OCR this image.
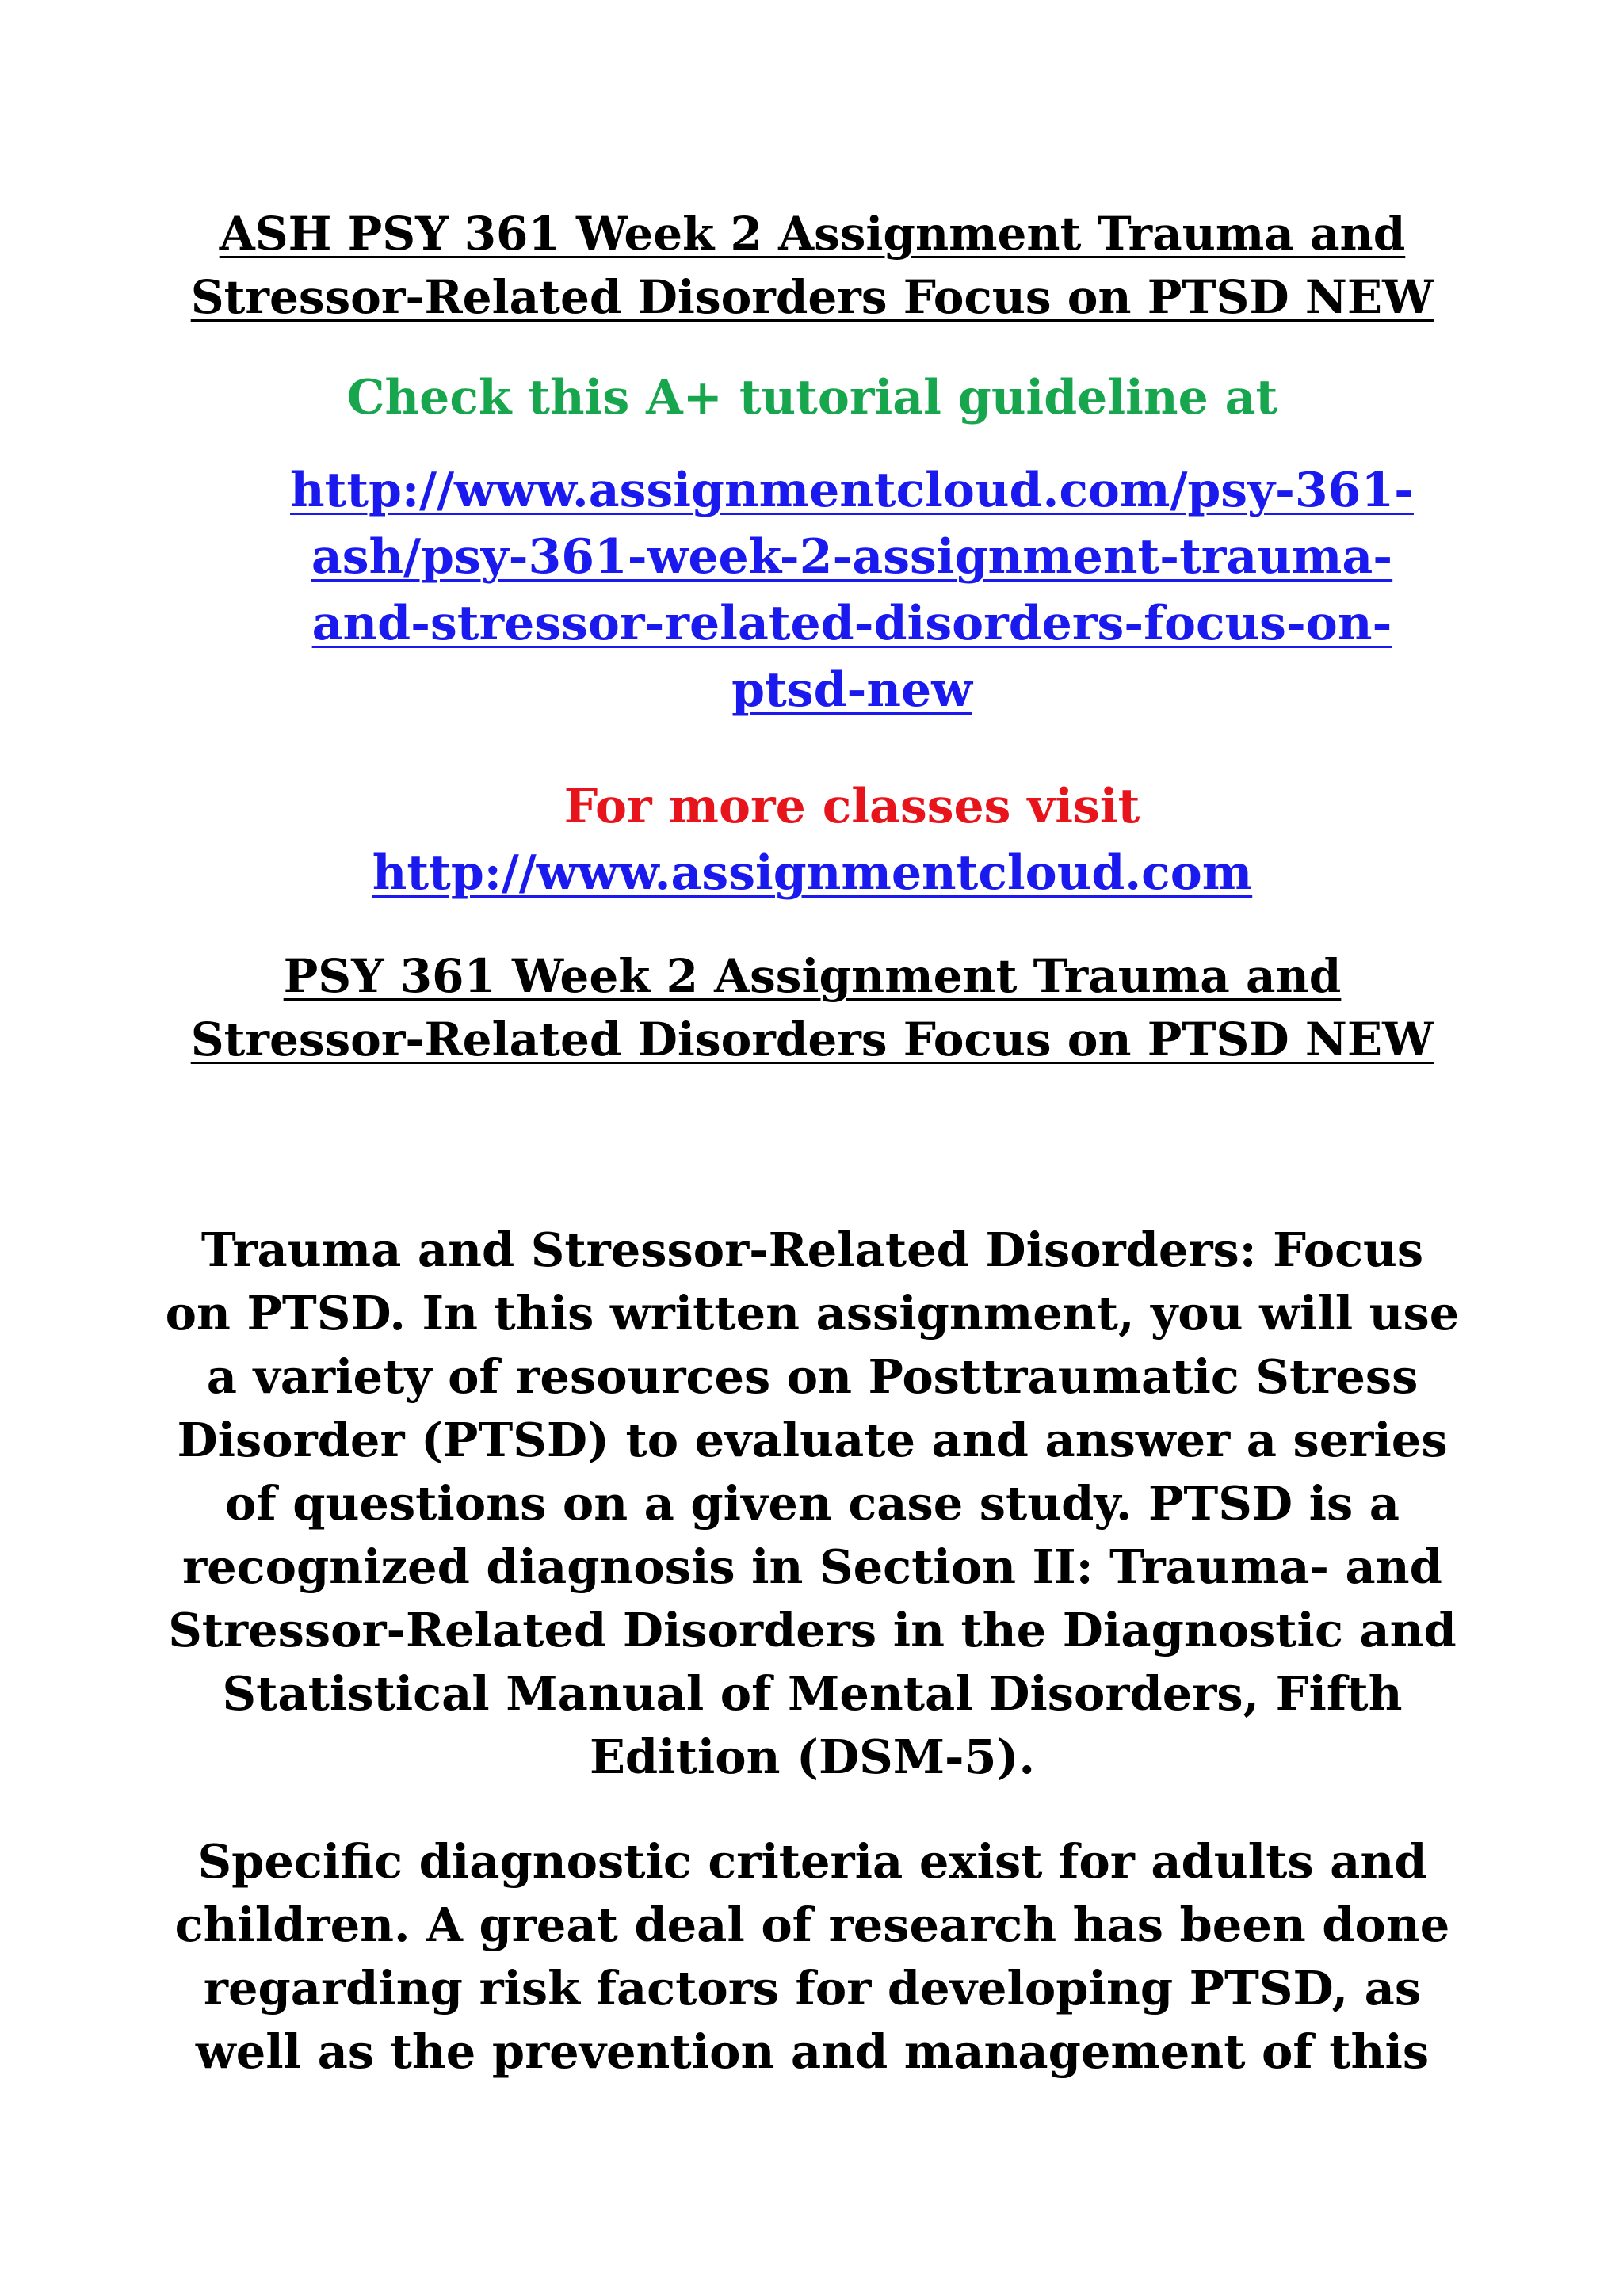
ASH PSY 361 Week 2 Assignment Trauma and
Stressor-Related Disorders Focus on PTSD NEW
Check this A+ tutorial guideline at
http://www.assignmentcloud.com/psy-361-
ash/psy-361-week-2-assignment-trauma-
and-stressor-related-disorders-focus-on-
ptsd-new
For more classes visit
http://www.assignmentcloud.com
PSY 361 Week 2 Assignment Trauma and
Stressor-Related Disorders Focus on PTSD NEW
Trauma and Stressor-Related Disorders: Focus
on PTSD. In this written assignment, you will use
a variety of resources on Posttraumatic Stress
Disorder (PTSD) to evaluate and answer a series
of questions on a given case study. PTSD is a
recognized diagnosis in Section II: Trauma- and
Stressor-Related Disorders in the Diagnostic and
Statistical Manual of Mental Disorders, Fifth
Edition (DSM-5).
Specific diagnostic criteria exist for adults and
children. A great deal of research has been done
regarding risk factors for developing PTSD, as
well as the prevention and management of this
